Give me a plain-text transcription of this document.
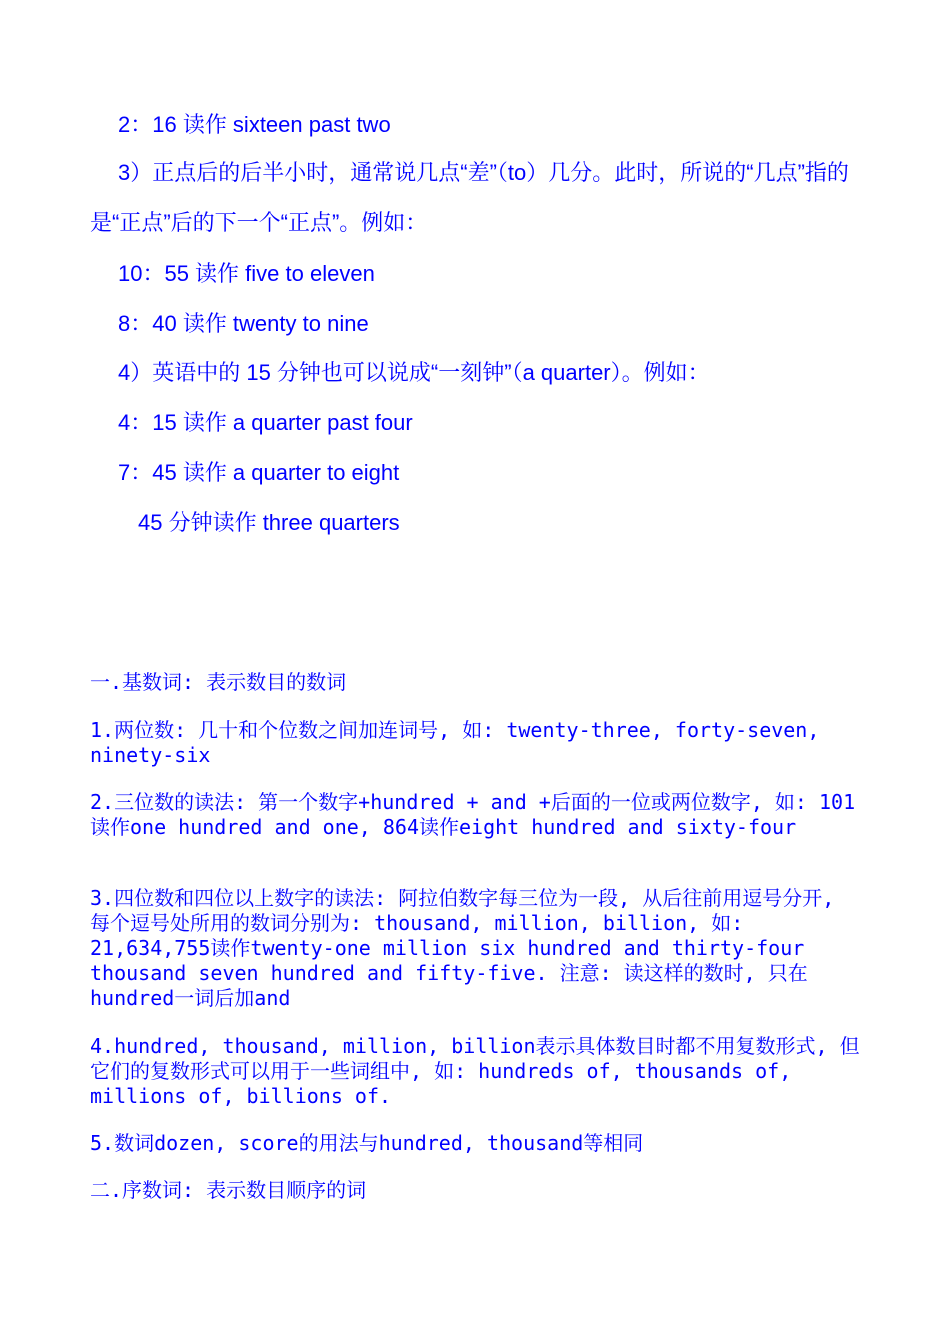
2：16 读作 sixteen past two
3）正点后的后半小时，通常说几点“差”（to）几分。此时，所说的“几点”指的是“正点”后的下一个“正点”。例如：
10：55 读作 five to eleven
8：40 读作 twenty to nine
4）英语中的 15 分钟也可以说成“一刻钟”（a quarter）。例如：
4：15 读作 a quarter past four
7：45 读作 a quarter to eight
45 分钟读作 three quarters
一.基数词: 表示数目的数词
1.两位数: 几十和个位数之间加连词号, 如: twenty-three, forty-seven, ninety-six
2.三位数的读法: 第一个数字+hundred + and +后面的一位或两位数字, 如: 101读作one hundred and one, 864读作eight hundred and sixty-four
3.四位数和四位以上数字的读法: 阿拉伯数字每三位为一段, 从后往前用逗号分开, 每个逗号处所用的数词分别为: thousand, million, billion, 如: 21,634,755读作twenty-one million six hundred and thirty-four thousand seven hundred and fifty-five. 注意: 读这样的数时, 只在hundred一词后加and
4.hundred, thousand, million, billion表示具体数目时都不用复数形式, 但它们的复数形式可以用于一些词组中, 如: hundreds of, thousands of, millions of, billions of.
5.数词dozen, score的用法与hundred, thousand等相同
二.序数词: 表示数目顺序的词
